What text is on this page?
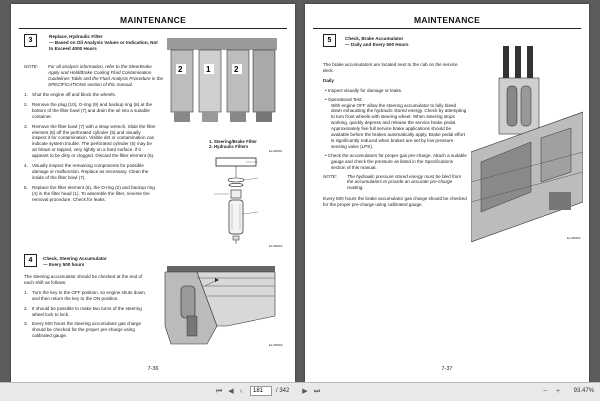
MAINTENANCE
3
Replace, Hydraulic Filter
— Based on Oil Analysis Values or Indication, Not
to Exceed 4000 Hours
NOTE:	For all analysis information, refer to the SteerBrake Apply and Hold/Brake Cooling Fluid Contamination Guidelines Table and the Fluid Analysis Procedure in the SPECIFICATIONS section of this manual.
1. Shut the engine off and block the wheels.
2. Remove the plug (10), O-ring (9) and backup ring (8) at the bottom of the filter bowl (7) and drain the oil into a suitable container.
3. Remove the filter bowl (7) with a strap wrench. Slide the filter element (6) off the perforated cylinder (5) and visually inspect it for contamination. Visible dirt or contamination can indicate system trouble. The perforated cylinder (5) may be air blown or tapped, very lightly on a hard surface, if it appears to be dirty or clogged. Discard the filter element (6).
4. Visually inspect the remaining components for possible damage or malfunction. Replace as necessary. Clean the inside of the filter bowl (7).
5. Replace the filter element (6), the O-ring (2) and backup ring (4) in the filter head (1). To assemble the filter, reverse the removal procedure. Check for leaks.
2	1	2
1. Steering/Brake Filter
2. Hydraulic Filters
EL-MR001
EL-MR002
4	Check, Steering Accumulator
— Every 500 hours
The steering accumulator should be checked at the end of each shift as follows:
1. Turn the key to the OFF position, so engine shuts down, and then return the key to the ON position.
2. It should be possible to make two turns of the steering wheel lock to lock.
3. Every 500 hours the steering accumulator gas charge should be checked for the proper pre-charge using calibrated gauge.
EL-MR003
7-36
MAINTENANCE
5	Check, Brake Accumulator
— Daily and Every 500 Hours
The brake accumulators are located next to the cab on the service deck.
Daily
• Inspect visually for damage or leaks.
• Operational Test:
With engine OFF allow the steering accumulator to fully bleed down exhausting the hydraulic stored energy. Check by attempting to turn front wheels with steering wheel. When steering stops working, quickly depress and release the service brake pedal. Approximately five full service brake applications should be available before the brakes automatically apply. Brake pedal effort is significantly reduced when brakes are set by low pressure sensing valve (LPS).
• Check the accumulators for proper gas pre-charge. Attach a suitable gauge and check the pressure as listed in the Specifications section of this manual.
NOTE:	The hydraulic pressure stored energy must be bled from the accumulators to provide an accurate pre-charge reading.
Every 500 hours the brake accumulator gas charge should be checked for the proper pre-charge using calibrated gauge.
EL-MR004
7-37
⏮ ◀ ‹
181	/ 342	▶ ⏭	−	+	93.47%
